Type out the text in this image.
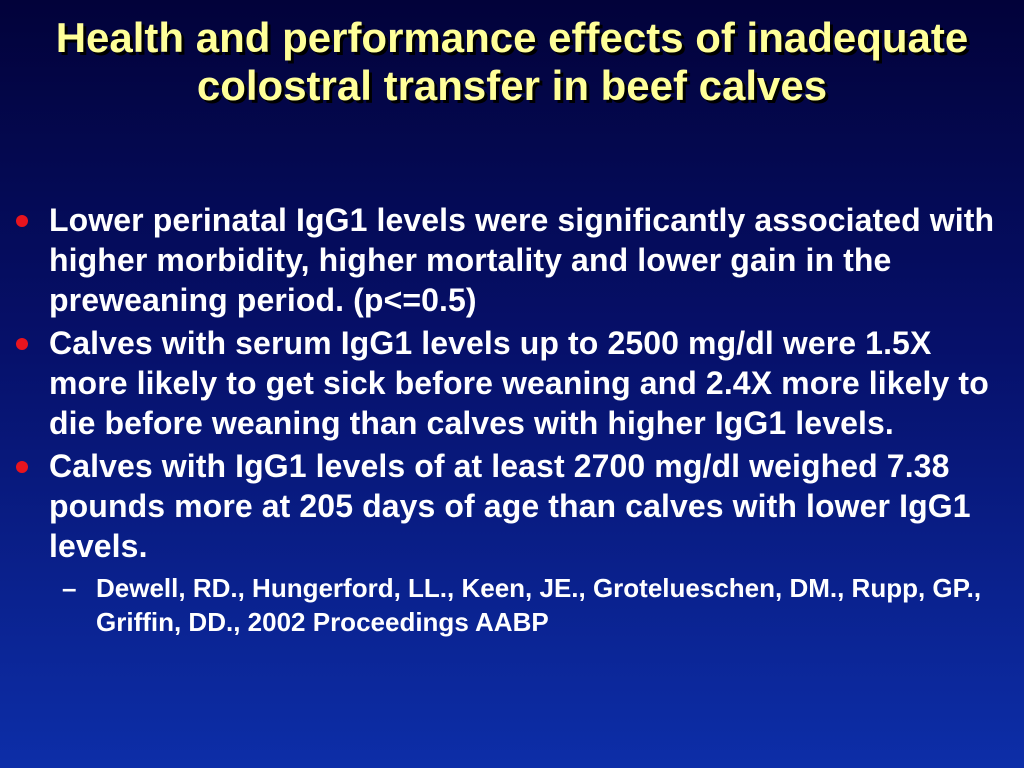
Health and performance effects of inadequate colostral transfer in beef calves
Lower perinatal IgG1 levels were significantly associated with higher morbidity, higher mortality and lower gain in the preweaning period. (p<=0.5)
Calves with serum IgG1 levels up to 2500 mg/dl were 1.5X more likely to get sick before weaning and 2.4X more likely to die before weaning than calves with higher IgG1 levels.
Calves with IgG1 levels of at least 2700 mg/dl weighed 7.38 pounds more at 205 days of age than calves with lower IgG1 levels.
– Dewell, RD., Hungerford, LL., Keen, JE., Grotelueschen, DM., Rupp, GP., Griffin, DD., 2002 Proceedings AABP
